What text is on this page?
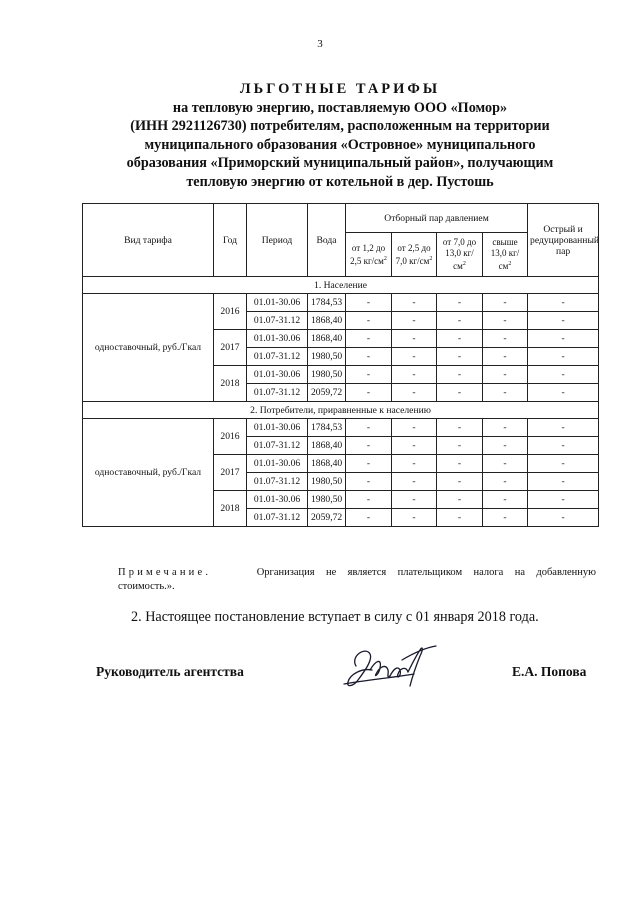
3
ЛЬГОТНЫЕ ТАРИФЫ
на тепловую энергию, поставляемую ООО «Помор»
(ИНН 2921126730) потребителям, расположенным на территории
муниципального образования «Островное» муниципального
образования «Приморский муниципальный район», получающим
тепловую энергию от котельной в дер. Пустошь
Вид тарифа	Год	Период	Вода	Отборный пар давлением				Острый и редуцированный пар
				от 1,2 до 2,5 $кг/см^2$	от 2,5 до 7,0 $кг/см^2$	от 7,0 до 13,0 $кг/см^2$	свыше 13,0 $кг/см^2$
1. Население								
одноставочный, руб./Гкал	2016	01.01-30.06	1784,53	-	-	-	-	-
		01.07-31.12	1868,40	-	-	-	-	-
	2017	01.01-30.06	1868,40	-	-	-	-	-
		01.07-31.12	1980,50	-	-	-	-	-
	2018	01.01-30.06	1980,50	-	-	-	-	-
		01.07-31.12	2059,72	-	-	-	-	-
2. Потребители, приравненные к населению								
одноставочный, руб./Гкал	2016	01.01-30.06	1784,53	-	-	-	-	-
		01.07-31.12	1868,40	-	-	-	-	-
	2017	01.01-30.06	1868,40	-	-	-	-	-
		01.07-31.12	1980,50	-	-	-	-	-
	2018	01.01-30.06	1980,50	-	-	-	-	-
		01.07-31.12	2059,72	-	-	-	-	-
Примечание.	Организация не является плательщиком налога на добавленную
стоимость.».
2. Настоящее постановление вступает в силу с 01 января 2018 года.
Руководитель агентства	Е.А. Попова
